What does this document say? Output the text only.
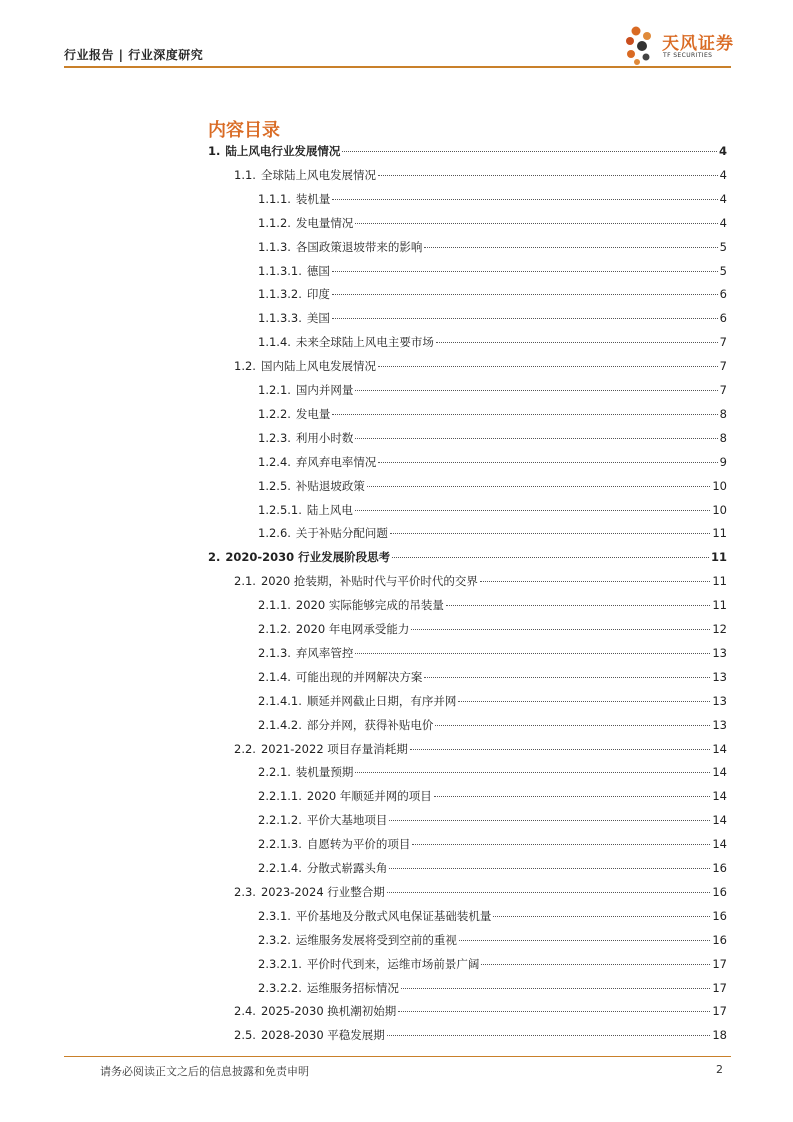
行业报告 | 行业深度研究
天风证券
TF SECURITIES
内容目录
1. 陆上风电行业发展情况	4
1.1. 全球陆上风电发展情况	4
1.1.1. 装机量	4
1.1.2. 发电量情况	4
1.1.3. 各国政策退坡带来的影响	5
1.1.3.1. 德国	5
1.1.3.2. 印度	6
1.1.3.3. 美国	6
1.1.4. 未来全球陆上风电主要市场	7
1.2. 国内陆上风电发展情况	7
1.2.1. 国内并网量	7
1.2.2. 发电量	8
1.2.3. 利用小时数	8
1.2.4. 弃风弃电率情况	9
1.2.5. 补贴退坡政策	10
1.2.5.1. 陆上风电	10
1.2.6. 关于补贴分配问题	11
2. 2020-2030 行业发展阶段思考	11
2.1. 2020 抢装期，补贴时代与平价时代的交界	11
2.1.1. 2020 实际能够完成的吊装量	11
2.1.2. 2020 年电网承受能力	12
2.1.3. 弃风率管控	13
2.1.4. 可能出现的并网解决方案	13
2.1.4.1. 顺延并网截止日期，有序并网	13
2.1.4.2. 部分并网，获得补贴电价	13
2.2. 2021-2022 项目存量消耗期	14
2.2.1. 装机量预期	14
2.2.1.1. 2020 年顺延并网的项目	14
2.2.1.2. 平价大基地项目	14
2.2.1.3. 自愿转为平价的项目	14
2.2.1.4. 分散式崭露头角	16
2.3. 2023-2024 行业整合期	16
2.3.1. 平价基地及分散式风电保证基础装机量	16
2.3.2. 运维服务发展将受到空前的重视	16
2.3.2.1. 平价时代到来，运维市场前景广阔	17
2.3.2.2. 运维服务招标情况	17
2.4. 2025-2030 换机潮初始期	17
2.5. 2028-2030 平稳发展期	18
请务必阅读正文之后的信息披露和免责申明	2
